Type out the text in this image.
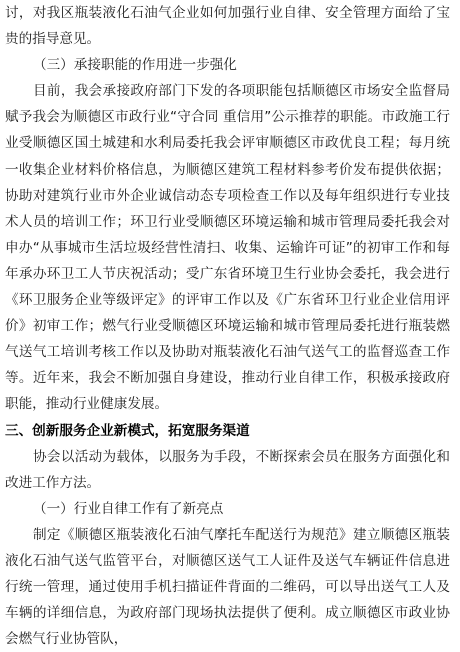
讨，对我区瓶装液化石油气企业如何加强行业自律、安全管理方面给了宝贵的指导意见。

（三）承接职能的作用进一步强化

目前，我会承接政府部门下发的各项职能包括顺德区市场安全监督局赋予我会为顺德区市政行业“守合同 重信用”公示推荐的职能。市政施工行业受顺德区国土城建和水利局委托我会评审顺德区市政优良工程；每月统一收集企业材料价格信息，为顺德区建筑工程材料参考价发布提供依据；协助对建筑行业市外企业诚信动态专项检查工作以及每年组织进行专业技术人员的培训工作；环卫行业受顺德区环境运输和城市管理局委托我会对申办“从事城市生活垃圾经营性清扫、收集、运输许可证”的初审工作和每年承办环卫工人节庆祝活动；受广东省环境卫生行业协会委托，我会进行《环卫服务企业等级评定》的评审工作以及《广东省环卫行业企业信用评价》初审工作；燃气行业受顺德区环境运输和城市管理局委托进行瓶装燃气送气工培训考核工作以及协助对瓶装液化石油气送气工的监督巡查工作等。近年来，我会不断加强自身建设，推动行业自律工作，积极承接政府职能，推动行业健康发展。

三、创新服务企业新模式，拓宽服务渠道

协会以活动为载体，以服务为手段，不断探索会员在服务方面强化和改进工作方法。

（一）行业自律工作有了新亮点

制定《顺德区瓶装液化石油气摩托车配送行为规范》建立顺德区瓶装液化石油气送气监管平台，对顺德区送气工人证件及送气车辆证件信息进行统一管理，通过使用手机扫描证件背面的二维码，可以导出送气工人及车辆的详细信息，为政府部门现场执法提供了便利。成立顺德区市政业协会燃气行业协管队，
